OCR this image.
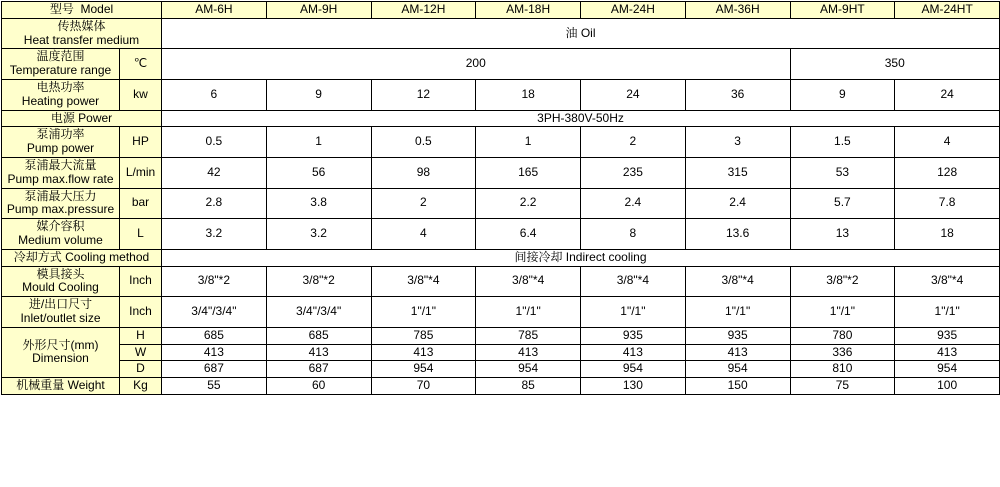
型号 Model		AM-6H	AM-9H	AM-12H	AM-18H	AM-24H	AM-36H	AM-9HT	AM-24HT

传热媒体
Heat transfer medium		油 Oil							

温度范围
Temperature range	℃	200						350	

电热功率
Heating power	kw	6	9	12	18	24	36	9	24
电源 Power		3PH-380V-50Hz							

泵浦功率
Pump power	HP	0.5	1	0.5	1	2	3	1.5	4

泵浦最大流量
Pump max.flow rate	L/min	42	56	98	165	235	315	53	128

泵浦最大压力
Pump max.pressure	bar	2.8	3.8	2	2.2	2.4	2.4	5.7	7.8

媒介容积
Medium volume	L	3.2	3.2	4	6.4	8	13.6	13	18
冷却方式 Cooling method		间接冷却 Indirect cooling							

模具接头
Mould Cooling	Inch	3/8"*2	3/8"*2	3/8"*4	3/8"*4	3/8"*4	3/8"*4	3/8"*2	3/8"*4

进/出口尺寸
Inlet/outlet size	Inch	3/4"/3/4"	3/4"/3/4"	1"/1"	1"/1"	1"/1"	1"/1"	1"/1"	1"/1"

外形尺寸(mm)
Dimension	H	685	685	785	785	935	935	780	935
	W	413	413	413	413	413	413	336	413
	D	687	687	954	954	954	954	810	954
机械重量 Weight	Kg	55	60	70	85	130	150	75	100
